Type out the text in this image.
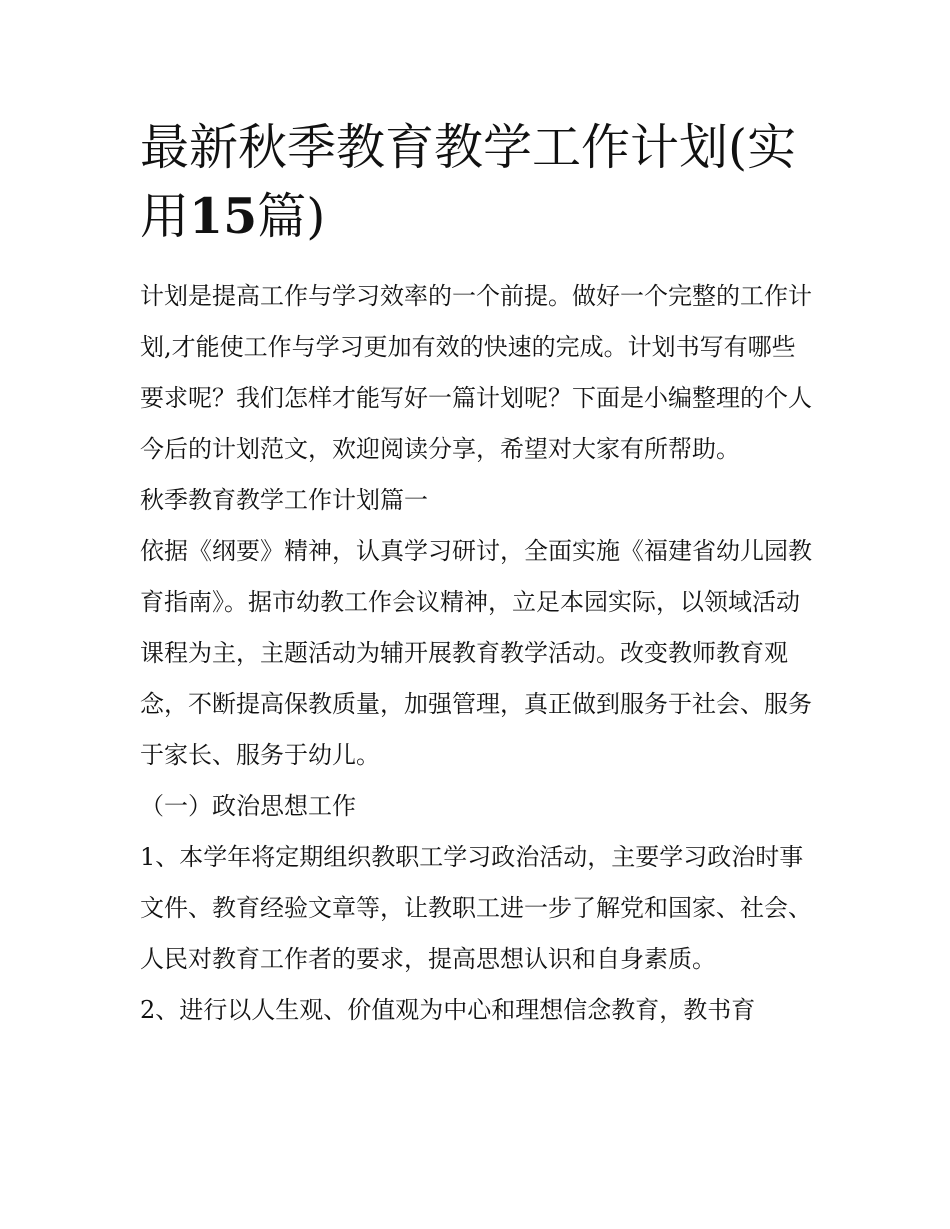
最新秋季教育教学工作计划(实用15篇)

计划是提高工作与学习效率的一个前提。做好一个完整的工作计划,才能使工作与学习更加有效的快速的完成。计划书写有哪些要求呢？我们怎样才能写好一篇计划呢？下面是小编整理的个人今后的计划范文，欢迎阅读分享，希望对大家有所帮助。

秋季教育教学工作计划篇一

依据《纲要》精神，认真学习研讨，全面实施《福建省幼儿园教育指南》。据市幼教工作会议精神，立足本园实际，以领域活动课程为主，主题活动为辅开展教育教学活动。改变教师教育观念，不断提高保教质量，加强管理，真正做到服务于社会、服务于家长、服务于幼儿。

（一）政治思想工作

1、本学年将定期组织教职工学习政治活动，主要学习政治时事文件、教育经验文章等，让教职工进一步了解党和国家、社会、人民对教育工作者的要求，提高思想认识和自身素质。

2、进行以人生观、价值观为中心和理想信念教育，教书育
